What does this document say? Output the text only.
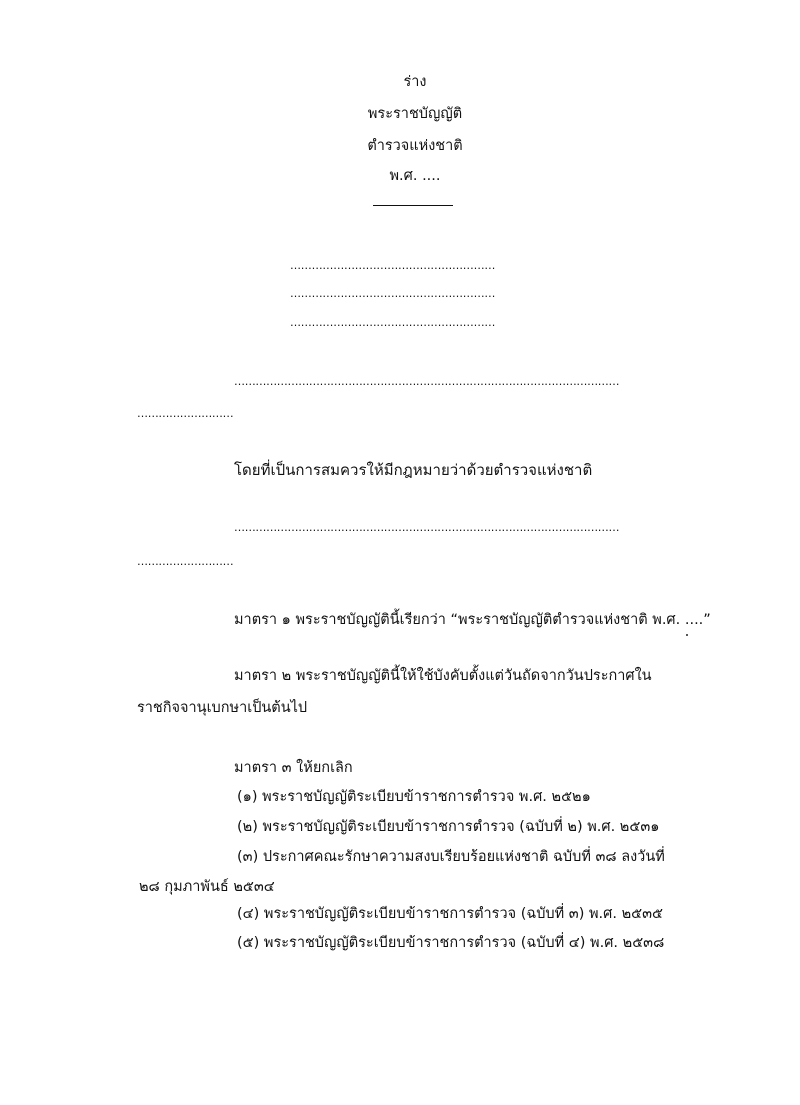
ร่าง
พระราชบัญญัติ
ตำรวจแห่งชาติ
พ.ศ. ....
…………………………………………………
…………………………………………………
…………………………………………………
………………………………………………………………………………………………
………………………
โดยที่เป็นการสมควรให้มีกฎหมายว่าด้วยตำรวจแห่งชาติ
………………………………………………………………………………………………
………………………
มาตรา ๑ พระราชบัญญัตินี้เรียกว่า “พระราชบัญญัติตำรวจแห่งชาติ พ.ศ. ....”
มาตรา ๒ พระราชบัญญัตินี้ให้ใช้บังคับตั้งแต่วันถัดจากวันประกาศใน
ราชกิจจานุเบกษาเป็นต้นไป
มาตรา ๓ ให้ยกเลิก
(๑) พระราชบัญญัติระเบียบข้าราชการตำรวจ พ.ศ. ๒๕๒๑
(๒) พระราชบัญญัติระเบียบข้าราชการตำรวจ (ฉบับที่ ๒) พ.ศ. ๒๕๓๑
(๓) ประกาศคณะรักษาความสงบเรียบร้อยแห่งชาติ ฉบับที่ ๓๘ ลงวันที่
๒๘ กุมภาพันธ์ ๒๕๓๔
(๔) พระราชบัญญัติระเบียบข้าราชการตำรวจ (ฉบับที่ ๓) พ.ศ. ๒๕๓๕
(๕) พระราชบัญญัติระเบียบข้าราชการตำรวจ (ฉบับที่ ๔) พ.ศ. ๒๕๓๘
